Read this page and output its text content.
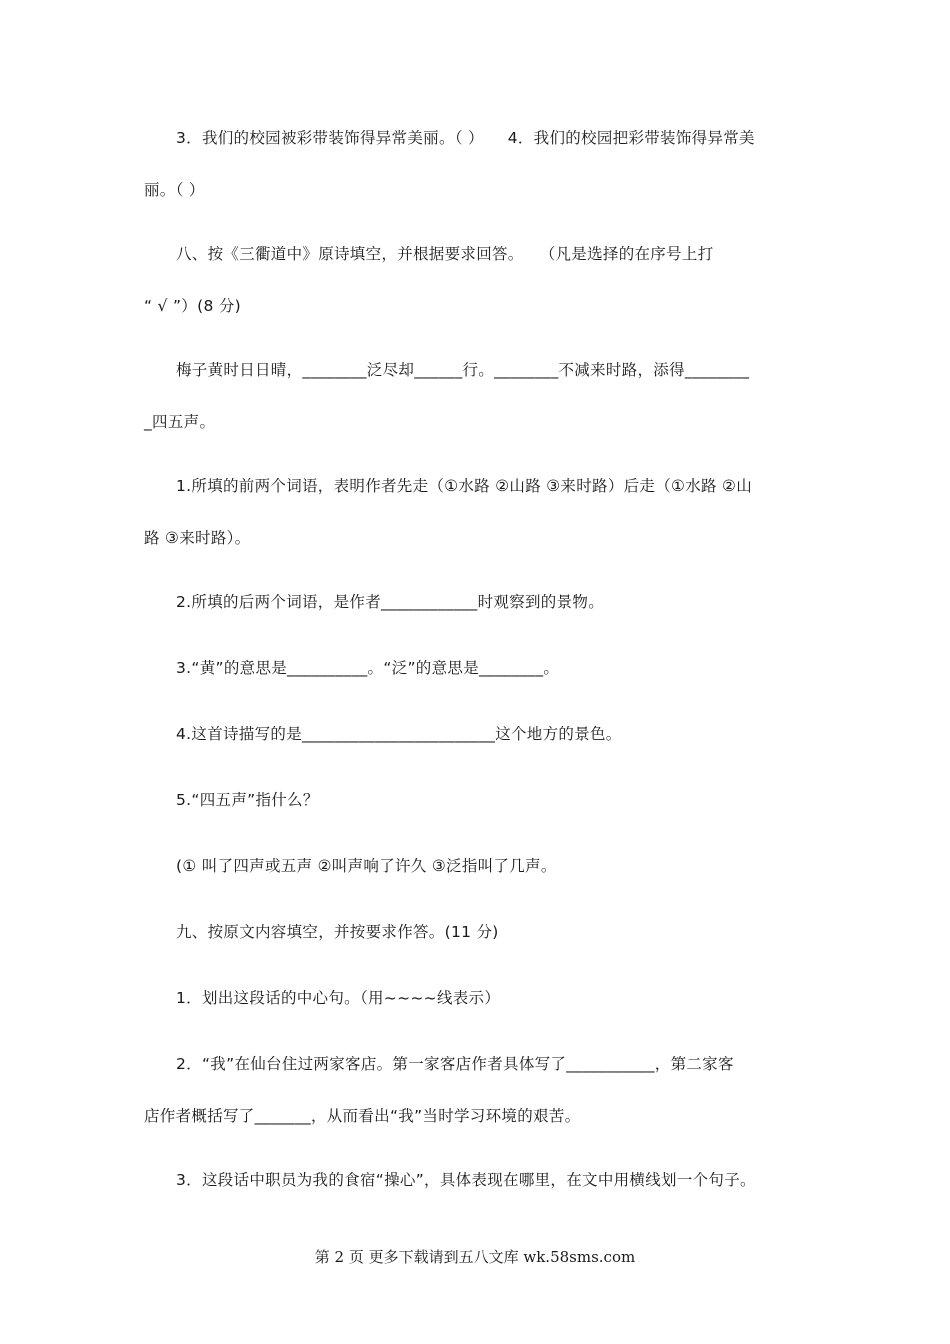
3．我们的校园被彩带装饰得异常美丽。（ ）　　4．我们的校园把彩带装饰得异常美
丽。（ ）
八、按《三衢道中》原诗填空，并根据要求回答。　　（凡是选择的在序号上打
“ √ ”）(8 分)
梅子黄时日日晴，________泛尽却______行。________不减来时路，添得________
_四五声。
1.所填的前两个词语，表明作者先走（①水路 ②山路 ③来时路）后走（①水路 ②山
路 ③来时路）。
2.所填的后两个词语，是作者____________时观察到的景物。
3.“黄”的意思是__________。“泛”的意思是________。
4.这首诗描写的是________________________这个地方的景色。
5.“四五声”指什么？
(① 叫了四声或五声 ②叫声响了许久 ③泛指叫了几声。
九、按原文内容填空，并按要求作答。(11 分)
1．划出这段话的中心句。（用~~~~线表示）
2．“我”在仙台住过两家客店。第一家客店作者具体写了___________，第二家客
店作者概括写了_______，从而看出“我”当时学习环境的艰苦。
3．这段话中职员为我的食宿“操心”，具体表现在哪里，在文中用横线划一个句子。
第 2 页 更多下载请到五八文库 wk.58sms.com
